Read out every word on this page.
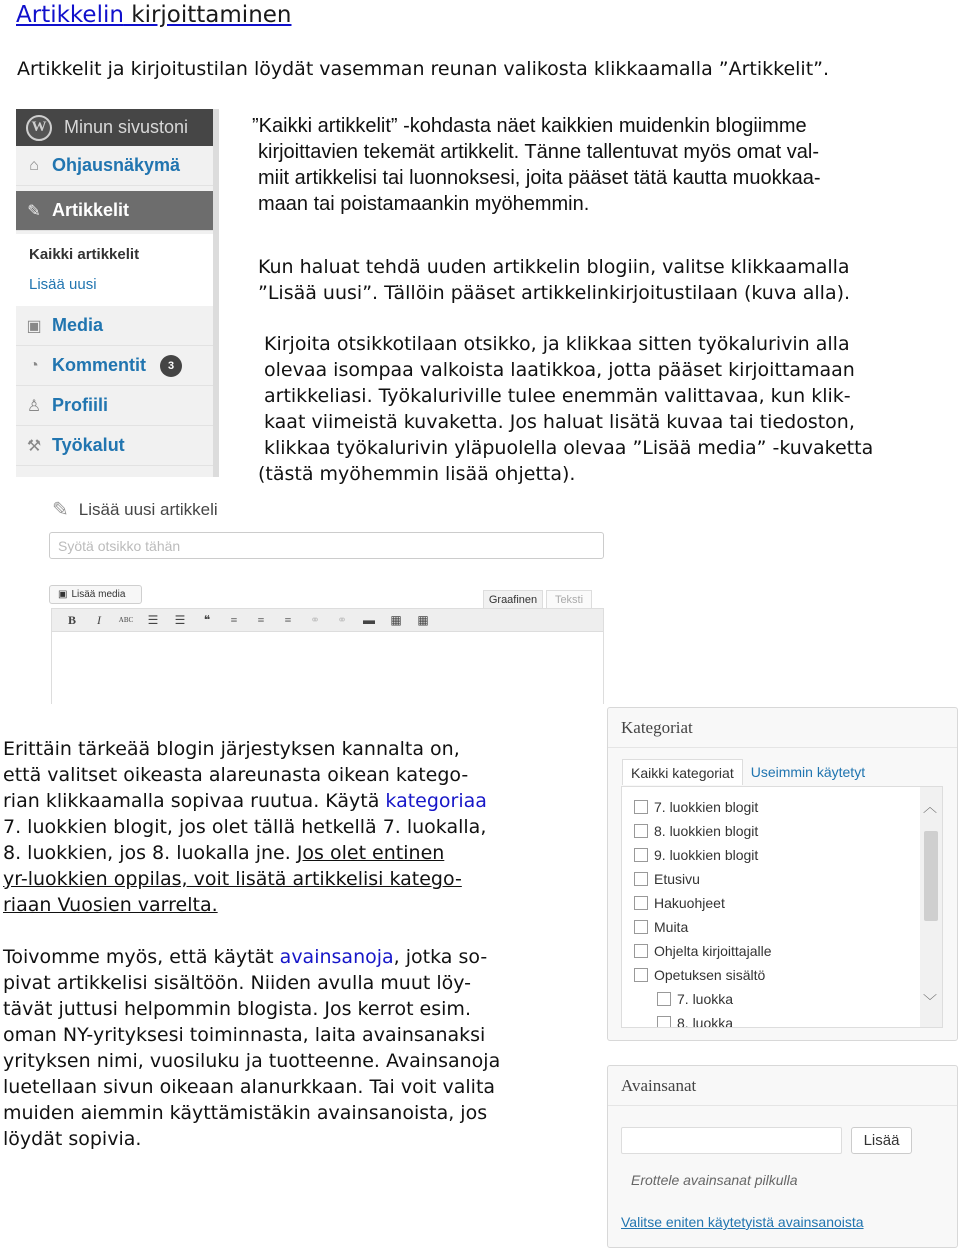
Artikkelin kirjoittaminen
Artikkelit ja kirjoitustilan löydät vasemman reunan valikosta klikkaamalla ”Artikkelit”.
W Minun sivustoni
⌂ Ohjausnäkymä
✎ Artikkelit
Kaikki artikkelit
Lisää uusi
▣ Media
◔ Kommentit	3
♙ Profiili
⚒ Työkalut
”Kaikki artikkelit” -kohdasta näet kaikkien muidenkin blogiimme
kirjoittavien tekemät artikkelit. Tänne tallentuvat myös omat val-
miit artikkelisi tai luonnoksesi, joita pääset tätä kautta muokkaa-
maan tai poistamaankin myöhemmin.
Kun haluat tehdä uuden artikkelin blogiin, valitse klikkaamalla
”Lisää uusi”. Tällöin pääset artikkelinkirjoitustilaan (kuva alla).
Kirjoita otsikkotilaan otsikko, ja klikkaa sitten työkalurivin alla
olevaa isompaa valkoista laatikkoa, jotta pääset kirjoittamaan
artikkeliasi. Työkaluriville tulee enemmän valittavaa, kun klik-
kaat viimeistä kuvaketta. Jos haluat lisätä kuvaa tai tiedoston,
klikkaa työkalurivin yläpuolella olevaa ”Lisää media” -kuvaketta
(tästä myöhemmin lisää ohjetta).
✎ Lisää uusi artikkeli
Syötä otsikko tähän
▣ Lisää media	Graafinen	Teksti
B	I	ABC ☰ ☰	❝	≡	≡	≡	⚭ ⚭ ▬ ▦ ▦
Erittäin tärkeää blogin järjestyksen kannalta on,
että valitset oikeasta alareunasta oikean katego-
rian klikkaamalla sopivaa ruutua. Käytä kategoriaa
7. luokkien blogit, jos olet tällä hetkellä 7. luokalla,
8. luokkien, jos 8. luokalla jne. Jos olet entinen
yr-luokkien oppilas, voit lisätä artikkelisi katego-
riaan Vuosien varrelta.
Toivomme myös, että käytät avainsanoja, jotka so-
pivat artikkelisi sisältöön. Niiden avulla muut löy-
tävät juttusi helpommin blogista. Jos kerrot esim.
oman NY-yrityksesi toiminnasta, laita avainsanaksi
yrityksen nimi, vuosiluku ja tuotteenne. Avainsanoja
luetellaan sivun oikeaan alanurkkaan. Tai voit valita
muiden aiemmin käyttämistäkin avainsanoista, jos
löydät sopivia.
Kategoriat
Kaikki kategoriat	Useimmin käytetyt
7. luokkien blogit
8. luokkien blogit
9. luokkien blogit
Etusivu
Hakuohjeet
Muita
Ohjelta kirjoittajalle
Opetuksen sisältö
7. luokka
8. luokka
︿
﹀
Avainsanat
Lisää
Erottele avainsanat pilkulla
Valitse eniten käytetyistä avainsanoista
